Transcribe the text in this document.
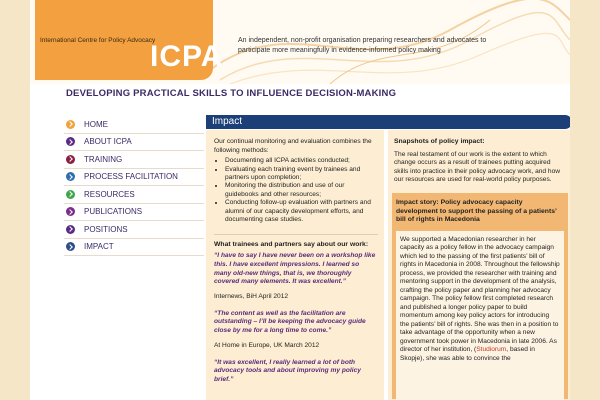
International Centre for Policy Advocacy
ICPA An independent, non-profit organisation preparing researchers and advocates to participate more meaningfully in evidence-informed policy making
DEVELOPING PRACTICAL SKILLS TO INFLUENCE DECISION-MAKING
HOME
ABOUT ICPA
TRAINING
PROCESS FACILITATION
RESOURCES
PUBLICATIONS
POSITIONS
IMPACT
Impact
Our continual monitoring and evaluation combines the following methods:
• Documenting all ICPA activities conducted;
• Evaluating each training event by trainees and partners upon completion;
• Monitoring the distribution and use of our guidebooks and other resources;
• Conducting follow-up evaluation with partners and alumni of our capacity development efforts, and documenting case studies.
What trainees and partners say about our work:
“I have to say I have never been on a workshop like this. I have excellent impressions. I learned so many old-new things, that is, we thoroughly covered many elements. It was excellent.”
Internews, BiH April 2012
“The content as well as the facilitation are outstanding – I’ll be keeping the advocacy guide close by me for a long time to come.”
At Home in Europe, UK March 2012
“It was excellent, I really learned a lot of both advocacy tools and about improving my policy brief.”
Snapshots of policy impact:
The real testament of our work is the extent to which change occurs as a result of trainees putting acquired skills into practice in their policy advocacy work, and how our resources are used for real-world policy purposes.
Impact story: Policy advocacy capacity development to support the passing of a patients’ bill of rights in Macedonia
We supported a Macedonian researcher in her capacity as a policy fellow in the advocacy campaign which led to the passing of the first patients’ bill of rights in Macedonia in 2008. Throughout the fellowship process, we provided the researcher with training and mentoring support in the development of the analysis, crafting the policy paper and planning her advocacy campaign. The policy fellow first completed research and published a longer policy paper to build momentum among key policy actors for introducing the patients’ bill of rights. She was then in a position to take advantage of the opportunity when a new government took power in Macedonia in late 2006. As director of her institution, (Studiorum, based in Skopje), she was able to convince the
